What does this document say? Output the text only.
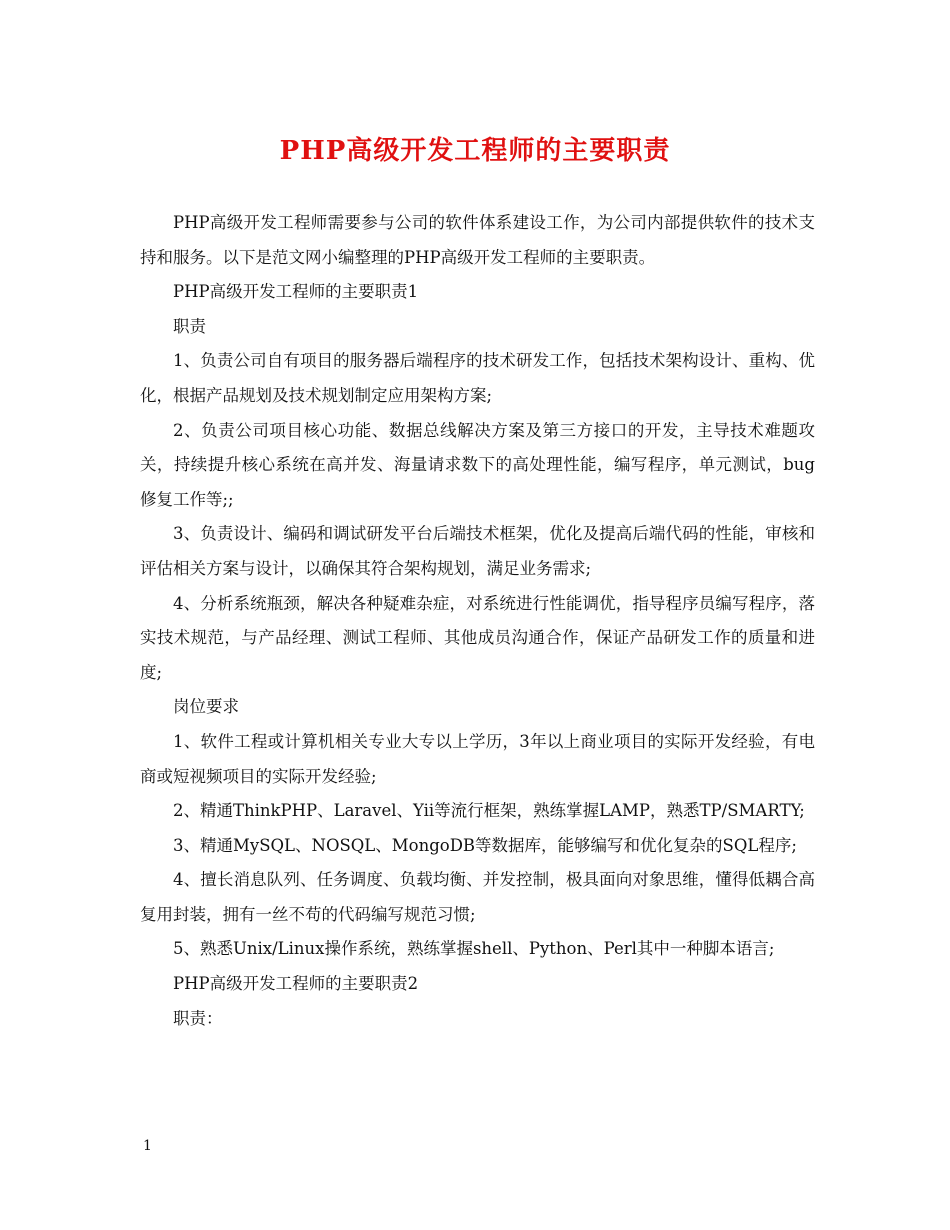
PHP高级开发工程师的主要职责

PHP高级开发工程师需要参与公司的软件体系建设工作，为公司内部提供软件的技术支持和服务。以下是范文网小编整理的PHP高级开发工程师的主要职责。

PHP高级开发工程师的主要职责1

职责

1、负责公司自有项目的服务器后端程序的技术研发工作，包括技术架构设计、重构、优化，根据产品规划及技术规划制定应用架构方案;

2、负责公司项目核心功能、数据总线解决方案及第三方接口的开发，主导技术难题攻关，持续提升核心系统在高并发、海量请求数下的高处理性能，编写程序，单元测试，bug修复工作等;;

3、负责设计、编码和调试研发平台后端技术框架，优化及提高后端代码的性能，审核和评估相关方案与设计，以确保其符合架构规划，满足业务需求;

4、分析系统瓶颈，解决各种疑难杂症，对系统进行性能调优，指导程序员编写程序，落实技术规范，与产品经理、测试工程师、其他成员沟通合作，保证产品研发工作的质量和进度;

岗位要求

1、软件工程或计算机相关专业大专以上学历，3年以上商业项目的实际开发经验，有电商或短视频项目的实际开发经验;

2、精通ThinkPHP、Laravel、Yii等流行框架，熟练掌握LAMP，熟悉TP/SMARTY;

3、精通MySQL、NOSQL、MongoDB等数据库，能够编写和优化复杂的SQL程序;

4、擅长消息队列、任务调度、负载均衡、并发控制，极具面向对象思维，懂得低耦合高复用封装，拥有一丝不苟的代码编写规范习惯;

5、熟悉Unix/Linux操作系统，熟练掌握shell、Python、Perl其中一种脚本语言;

PHP高级开发工程师的主要职责2

职责：

1
